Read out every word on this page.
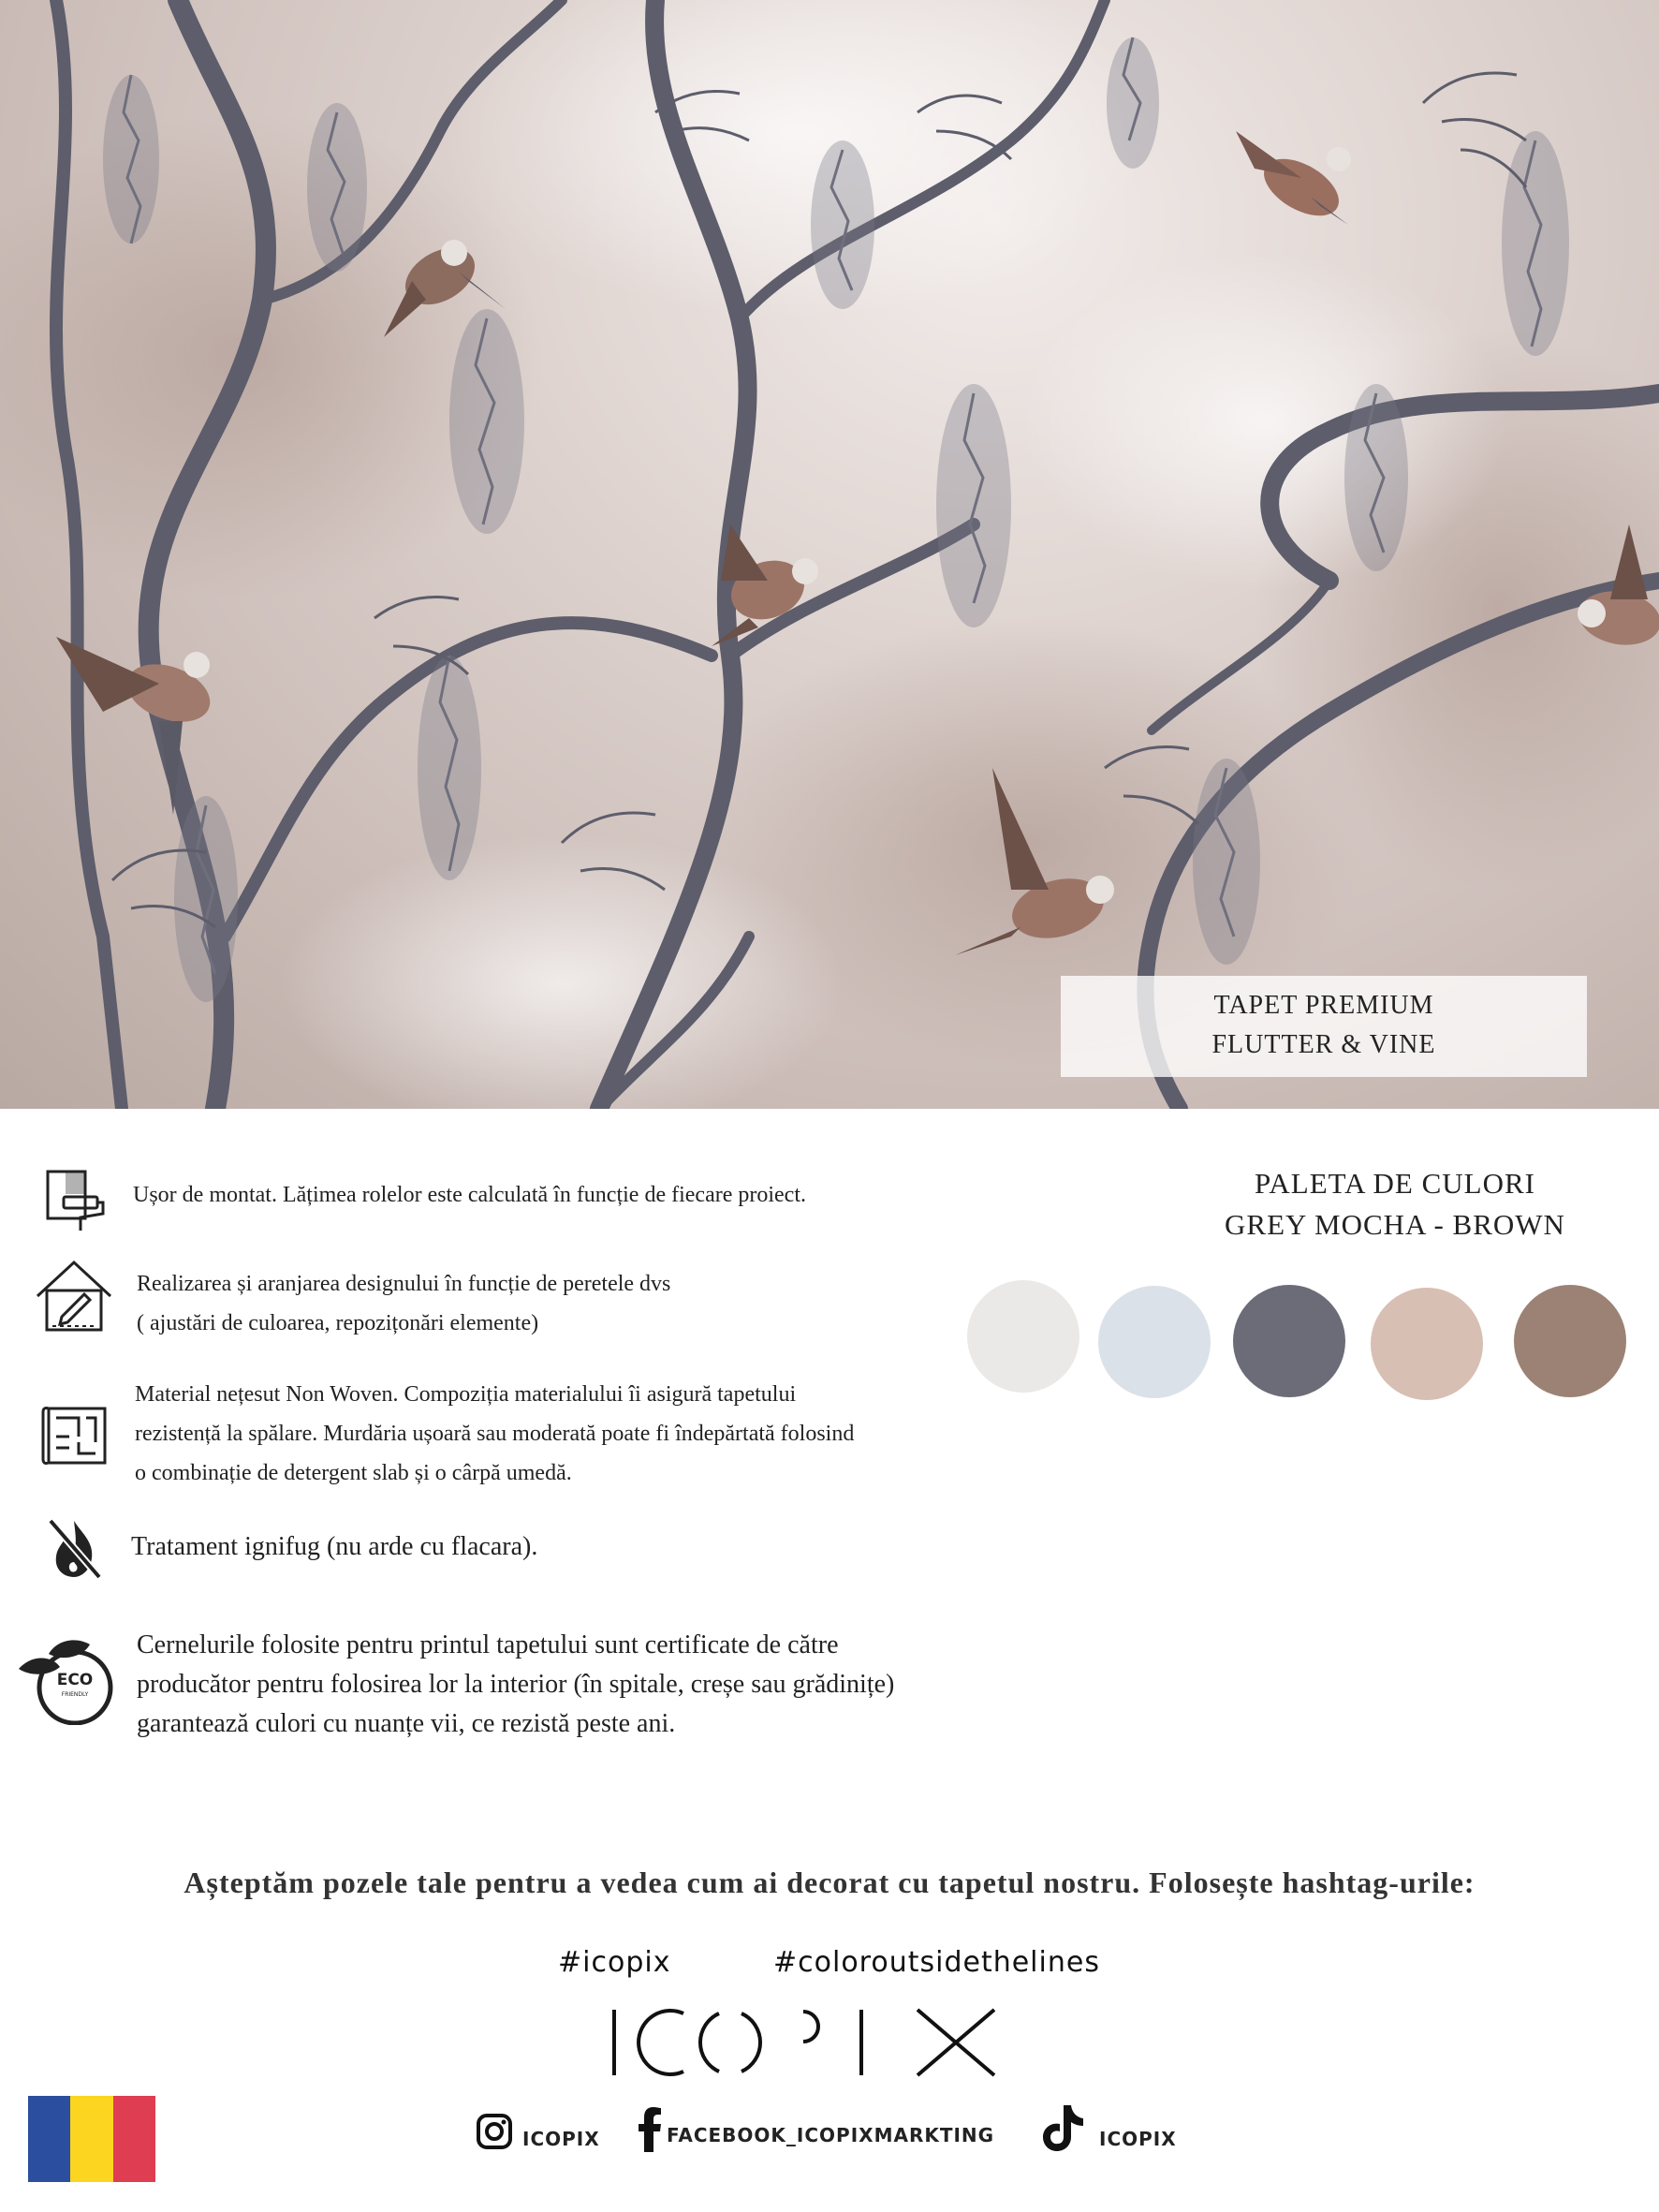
TAPET PREMIUM
FLUTTER & VINE
Ușor de montat. Lățimea rolelor este calculată în funcție de fiecare proiect.
Realizarea și aranjarea designului în funcție de peretele dvs
( ajustări de culoarea, repozițonări elemente)
Material nețesut Non Woven. Compoziția materialului îi asigură tapetului
rezistență la spălare. Murdăria ușoară sau moderată poate fi îndepărtată folosind
o combinație de detergent slab și o cârpă umedă.
Tratament ignifug (nu arde cu flacara).
ECO
FRIENDLY
Cernelurile folosite pentru printul tapetului sunt certificate de către
producător pentru folosirea lor la interior (în spitale, creșe sau grădinițe)
garantează culori cu nuanțe vii, ce rezistă peste ani.
PALETA DE CULORI
GREY MOCHA - BROWN
Așteptăm pozele tale pentru a vedea cum ai decorat cu tapetul nostru. Folosește hashtag-urile:
#icopix	#coloroutsidethelines
ICOPIX	FACEBOOK_ICOPIXMARKTING	ICOPIX
